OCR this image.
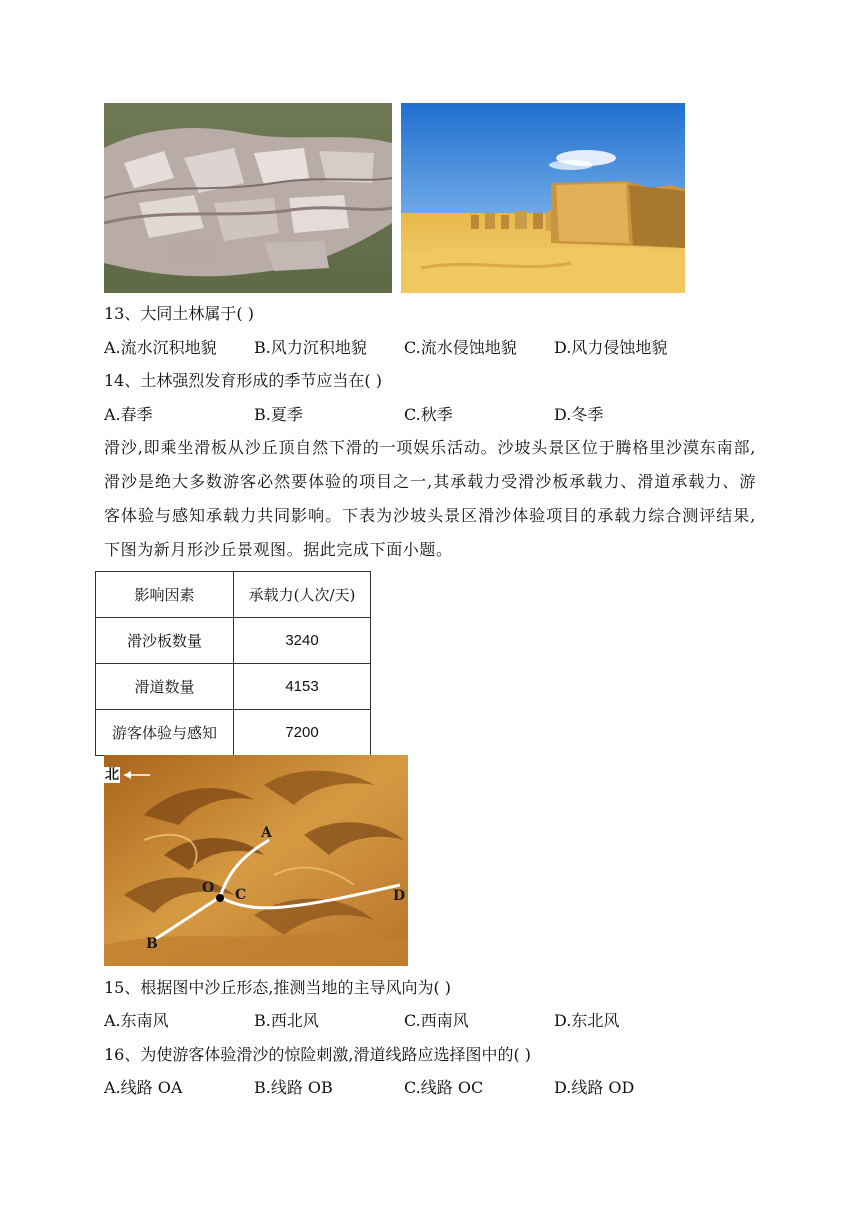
13、大同土林属于( )
A.流水沉积地貌 B.风力沉积地貌 C.流水侵蚀地貌 D.风力侵蚀地貌
14、土林强烈发育形成的季节应当在( )
A.春季	B.夏季	C.秋季	D.冬季
滑沙,即乘坐滑板从沙丘顶自然下滑的一项娱乐活动。沙坡头景区位于腾格里沙漠东南部,滑沙是绝大多数游客必然要体验的项目之一,其承载力受滑沙板承载力、滑道承载力、游客体验与感知承载力共同影响。下表为沙坡头景区滑沙体验项目的承载力综合测评结果,下图为新月形沙丘景观图。据此完成下面小题。
影响因素	承载力(人次/天)
滑沙板数量	3240
滑道数量	4153
游客体验与感知	7200
北
A
O C
B
D
15、根据图中沙丘形态,推测当地的主导风向为( )
A.东南风	B.西北风	C.西南风	D.东北风
16、为使游客体验滑沙的惊险刺激,滑道线路应选择图中的( )
A.线路 OA	B.线路 OB	C.线路 OC	D.线路 OD
